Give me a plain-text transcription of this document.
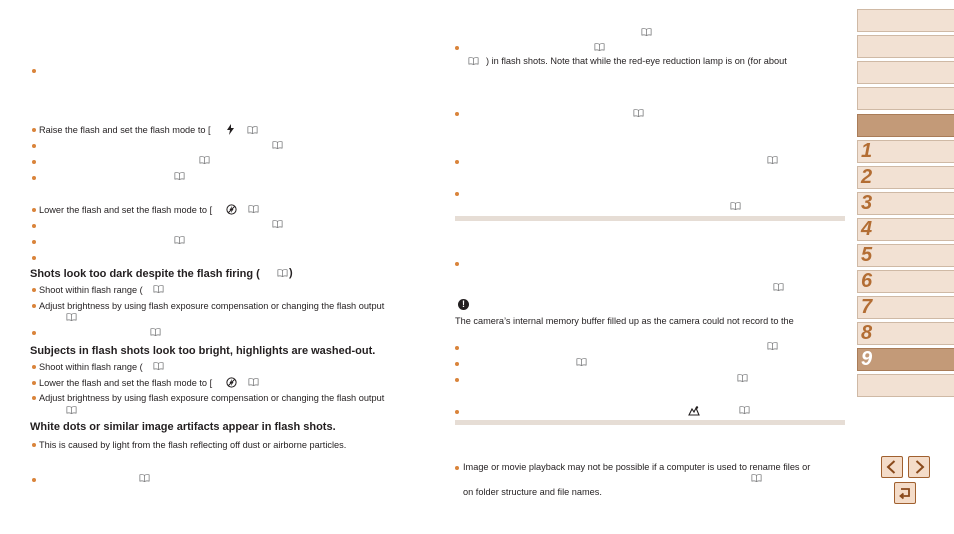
Raise the flash and set the flash mode to [
Lower the flash and set the flash mode to [
Shots look too dark despite the flash firing (	)
Shoot within flash range (
Adjust brightness by using flash exposure compensation or changing the flash output
Subjects in flash shots look too bright, highlights are washed-out.
Shoot within flash range (
Lower the flash and set the flash mode to [
Adjust brightness by using flash exposure compensation or changing the flash output
White dots or similar image artifacts appear in flash shots.
This is caused by light from the flash reflecting off dust or airborne particles.
) in flash shots. Note that while the red-eye reduction lamp is on (for about
!
The camera’s internal memory buffer filled up as the camera could not record to the
Image or movie playback may not be possible if a computer is used to rename files or
on folder structure and file names.
1
2
3
4
5
6
7
8
9
